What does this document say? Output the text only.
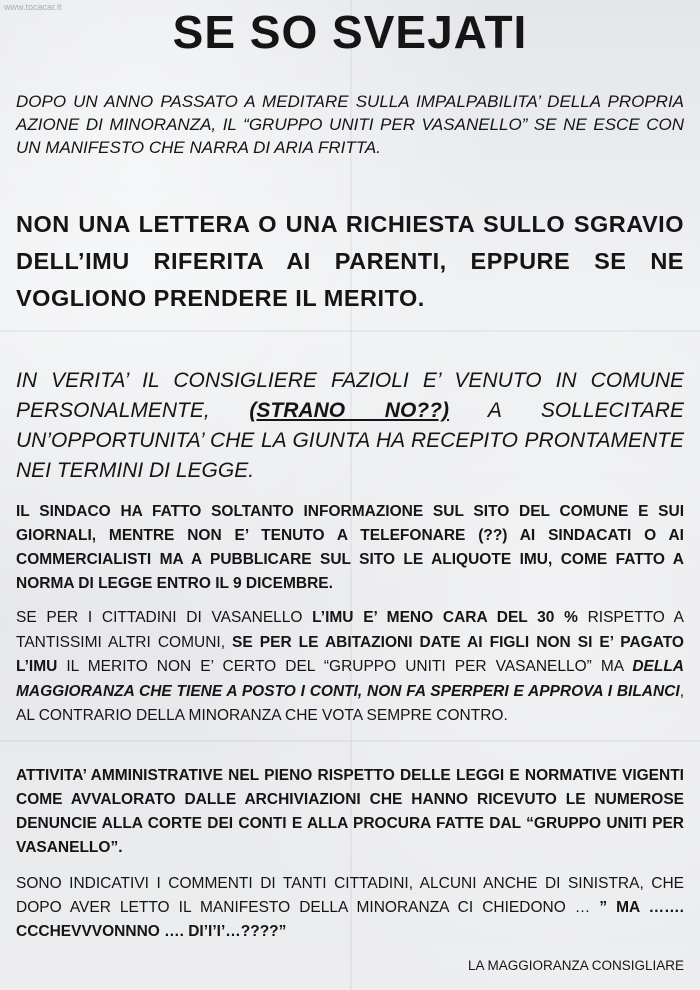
www.tocacar.it	SE SO SVEJATI
DOPO UN ANNO PASSATO A MEDITARE SULLA IMPALPABILITA’ DELLA PROPRIA AZIONE DI MINORANZA, IL “GRUPPO UNITI PER VASANELLO” SE NE ESCE CON UN MANIFESTO CHE NARRA DI ARIA FRITTA.
NON UNA LETTERA O UNA RICHIESTA SULLO SGRAVIO DELL’IMU RIFERITA AI PARENTI, EPPURE SE NE VOGLIONO PRENDERE IL MERITO.
IN VERITA’ IL CONSIGLIERE FAZIOLI E’ VENUTO IN COMUNE PERSONALMENTE, (STRANO NO??) A SOLLECITARE UN’OPPORTUNITA’ CHE LA GIUNTA HA RECEPITO PRONTAMENTE NEI TERMINI DI LEGGE.
IL SINDACO HA FATTO SOLTANTO INFORMAZIONE SUL SITO DEL COMUNE E SUI GIORNALI, MENTRE NON E’ TENUTO A TELEFONARE (??) AI SINDACATI O AI COMMERCIALISTI MA A PUBBLICARE SUL SITO LE ALIQUOTE IMU, COME FATTO A NORMA DI LEGGE ENTRO IL 9 DICEMBRE.
SE PER I CITTADINI DI VASANELLO L’IMU E’ MENO CARA DEL 30 % RISPETTO A TANTISSIMI ALTRI COMUNI, SE PER LE ABITAZIONI DATE AI FIGLI NON SI E’ PAGATO L’IMU IL MERITO NON E’ CERTO DEL “GRUPPO UNITI PER VASANELLO” MA DELLA MAGGIORANZA CHE TIENE A POSTO I CONTI, NON FA SPERPERI E APPROVA I BILANCI, AL CONTRARIO DELLA MINORANZA CHE VOTA SEMPRE CONTRO.
ATTIVITA’ AMMINISTRATIVE NEL PIENO RISPETTO DELLE LEGGI E NORMATIVE VIGENTI COME AVVALORATO DALLE ARCHIVIAZIONI CHE HANNO RICEVUTO LE NUMEROSE DENUNCIE ALLA CORTE DEI CONTI E ALLA PROCURA FATTE DAL “GRUPPO UNITI PER VASANELLO”.
SONO INDICATIVI I COMMENTI DI TANTI CITTADINI, ALCUNI ANCHE DI SINISTRA, CHE DOPO AVER LETTO IL MANIFESTO DELLA MINORANZA CI CHIEDONO … ” MA ……. CCCHEVVVONNNO …. DI’I’I’…????”
LA MAGGIORANZA CONSIGLIARE
